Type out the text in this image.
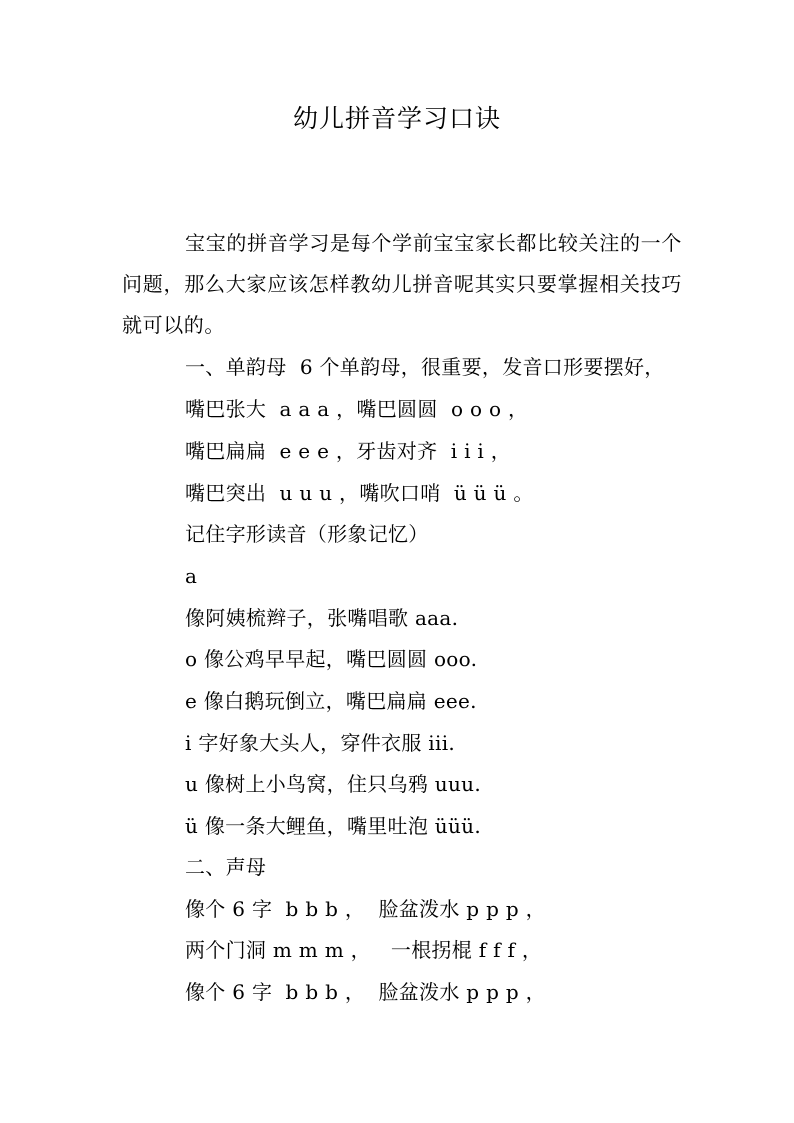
幼儿拼音学习口诀

宝宝的拼音学习是每个学前宝宝家长都比较关注的一个问题，那么大家应该怎样教幼儿拼音呢其实只要掌握相关技巧就可以的。

一、单韵母  6 个单韵母，很重要，发音口形要摆好，

嘴巴张大  a a a ，嘴巴圆圆  o o o ，

嘴巴扁扁  e e e ，牙齿对齐  i i i ，

嘴巴突出  u u u ，嘴吹口哨  ü ü ü 。

记住字形读音（形象记忆）

a

像阿姨梳辫子，张嘴唱歌 aaa.

o 像公鸡早早起，嘴巴圆圆 ooo.

e 像白鹅玩倒立，嘴巴扁扁 eee.

i 字好象大头人，穿件衣服 iii.

u 像树上小鸟窝，住只乌鸦 uuu.

ü 像一条大鲤鱼，嘴里吐泡 üüü.

二、声母

像个 6 字  b b b ，  脸盆泼水 p p p ，

两个门洞 m m m ，   一根拐棍 f f f ，

像个 6 字  b b b ，  脸盆泼水 p p p ，
